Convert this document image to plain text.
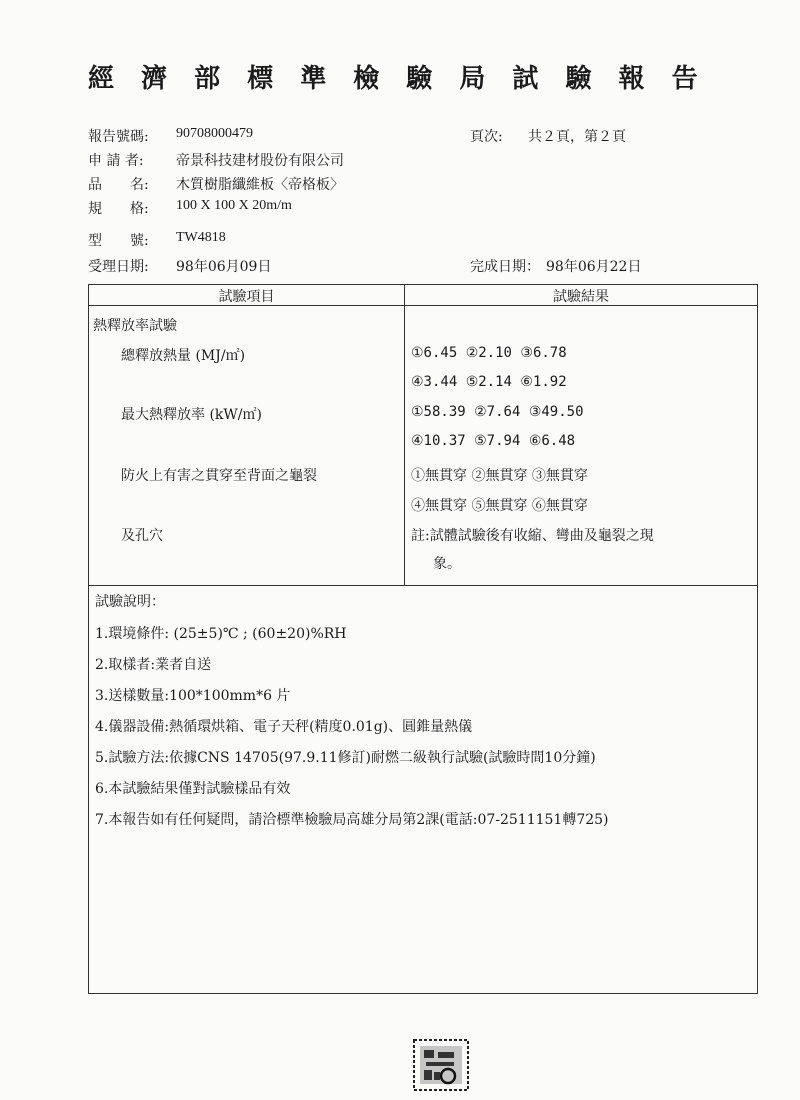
經 濟 部 標 準 檢 驗 局 試 驗 報 告
報告號碼: 90708000479	頁次: 共２頁，第２頁
申 請 者: 帝景科技建材股份有限公司
品　　名: 木質樹脂纖維板〈帝格板〉
規　　格: 100 X 100 X 20m/m
型　　號: TW4818
受理日期: 98年06月09日	完成日期： 98年06月22日
試驗項目	試驗結果
熱釋放率試驗
總釋放熱量 (MJ/㎡)	①6.45 ②2.10 ③6.78
④3.44 ⑤2.14 ⑥1.92
最大熱釋放率 (kW/㎡)	①58.39 ②7.64 ③49.50
④10.37 ⑤7.94 ⑥6.48
防火上有害之貫穿至背面之龜裂	①無貫穿 ②無貫穿 ③無貫穿
④無貫穿 ⑤無貫穿 ⑥無貫穿
及孔穴	註:試體試驗後有收縮、彎曲及龜裂之現
象。
試驗說明：
1.環境條件: (25±5)℃ ; (60±20)%RH
2.取樣者:業者自送
3.送樣數量:100*100mm*6 片
4.儀器設備:熱循環烘箱、電子天秤(精度0.01g)、圓錐量熱儀
5.試驗方法:依據CNS 14705(97.9.11修訂)耐燃二級執行試驗(試驗時間10分鐘)
6.本試驗結果僅對試驗樣品有效
7.本報告如有任何疑問，請洽標準檢驗局高雄分局第2課(電話:07-2511151轉725)
